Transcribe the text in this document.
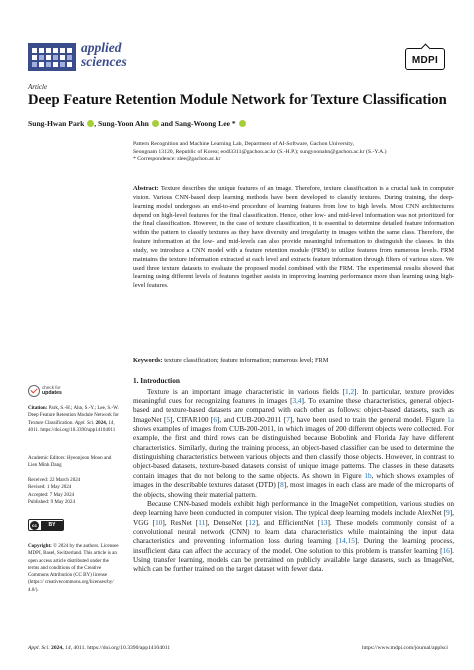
applied
sciences	MDPI
Article
Deep Feature Retention Module Network for Texture Classification
Sung-Hwan Park , Sung-Yoon Ahn and Sang-Woong Lee *

Pattern Recognition and Machine Learning Lab, Department of AI-Software, Gachon University,

Seongnam 13120, Republic of Korea; eodl3311@gachon.ac.kr (S.-H.P.); sungyoonahn@gachon.ac.kr (S.-Y.A.)

* Correspondence: slee@gachon.ac.kr

Abstract: Texture describes the unique features of an image. Therefore, texture classification is a crucial task in computer vision. Various CNN-based deep learning methods have been developed to classify textures. During training, the deep-learning model undergoes an end-to-end procedure of learning features from low to high levels. Most CNN architectures depend on high-level features for the final classification. Hence, other low- and mid-level information was not prioritized for the final classification. However, in the case of texture classification, it is essential to determine detailed feature information within the pattern to classify textures as they have diversity and irregularity in images within the same class. Therefore, the feature information at the low- and mid-levels can also provide meaningful information to distinguish the classes. In this study, we introduce a CNN model with a feature retention module (FRM) to utilize features from numerous levels. FRM maintains the texture information extracted at each level and extracts feature information through filters of various sizes. We used three texture datasets to evaluate the proposed model combined with the FRM. The experimental results showed that learning using different levels of features together assists in improving learning performance more than learning using high-level features.
Keywords: texture classification; feature information; numerous level; FRM
check for
updates

Citation: Park, S.-H.; Ahn, S.-Y.; Lee, S.-W. Deep Feature Retention Module Network for Texture Classification. Appl. Sci. 2024, 14, 4011. https://doi.org/10.3390/app14104011

Academic Editors: Hyeonjoon Moon and Lien Minh Dang

Received: 22 March 2024

Revised: 1 May 2024

Accepted: 7 May 2024

Published: 9 May 2024

cc	BY

Copyright: © 2024 by the authors. Licensee MDPI, Basel, Switzerland. This article is an open access article distributed under the terms and conditions of the Creative Commons Attribution (CC BY) license (https:// creativecommons.org/licenses/by/ 4.0/).

1. Introduction

Texture is an important image characteristic in various fields [1,2]. In particular, texture provides meaningful cues for recognizing features in images [3,4]. To examine these characteristics, general object-based and texture-based datasets are compared with each other as follows: object-based datasets, such as ImageNet [5], CIFAR100 [6], and CUB-200-2011 [7], have been used to train the general model. Figure 1a shows examples of images from CUB-200-2011, in which images of 200 different objects were collected. For example, the first and third rows can be distinguished because Bobolink and Florida Jay have different characteristics. Similarly, during the training process, an object-based classifier can be used to determine the distinguishing characteristics between various objects and then classify those objects. However, in contrast to object-based datasets, texture-based datasets consist of unique image patterns. The classes in these datasets contain images that do not belong to the same objects. As shown in Figure 1b, which shows examples of images in the describable textures dataset (DTD) [8], most images in each class are made of the microparts of the objects, showing their material pattern.

Because CNN-based models exhibit high performance in the ImageNet competition, various studies on deep learning have been conducted in computer vision. The typical deep learning models include AlexNet [9], VGG [10], ResNet [11], DenseNet [12], and EfficientNet [13]. These models commonly consist of a convolutional neural network (CNN) to learn data characteristics while maintaining the input data characteristics and preventing information loss during learning [14,15]. During the learning process, insufficient data can affect the accuracy of the model. One solution to this problem is transfer learning [16]. Using transfer learning, models can be pretrained on publicly available large datasets, such as ImageNet, which can be further trained on the target dataset with fewer data.

Appl. Sci. 2024, 14, 4011. https://doi.org/10.3390/app14104011	https://www.mdpi.com/journal/applsci
